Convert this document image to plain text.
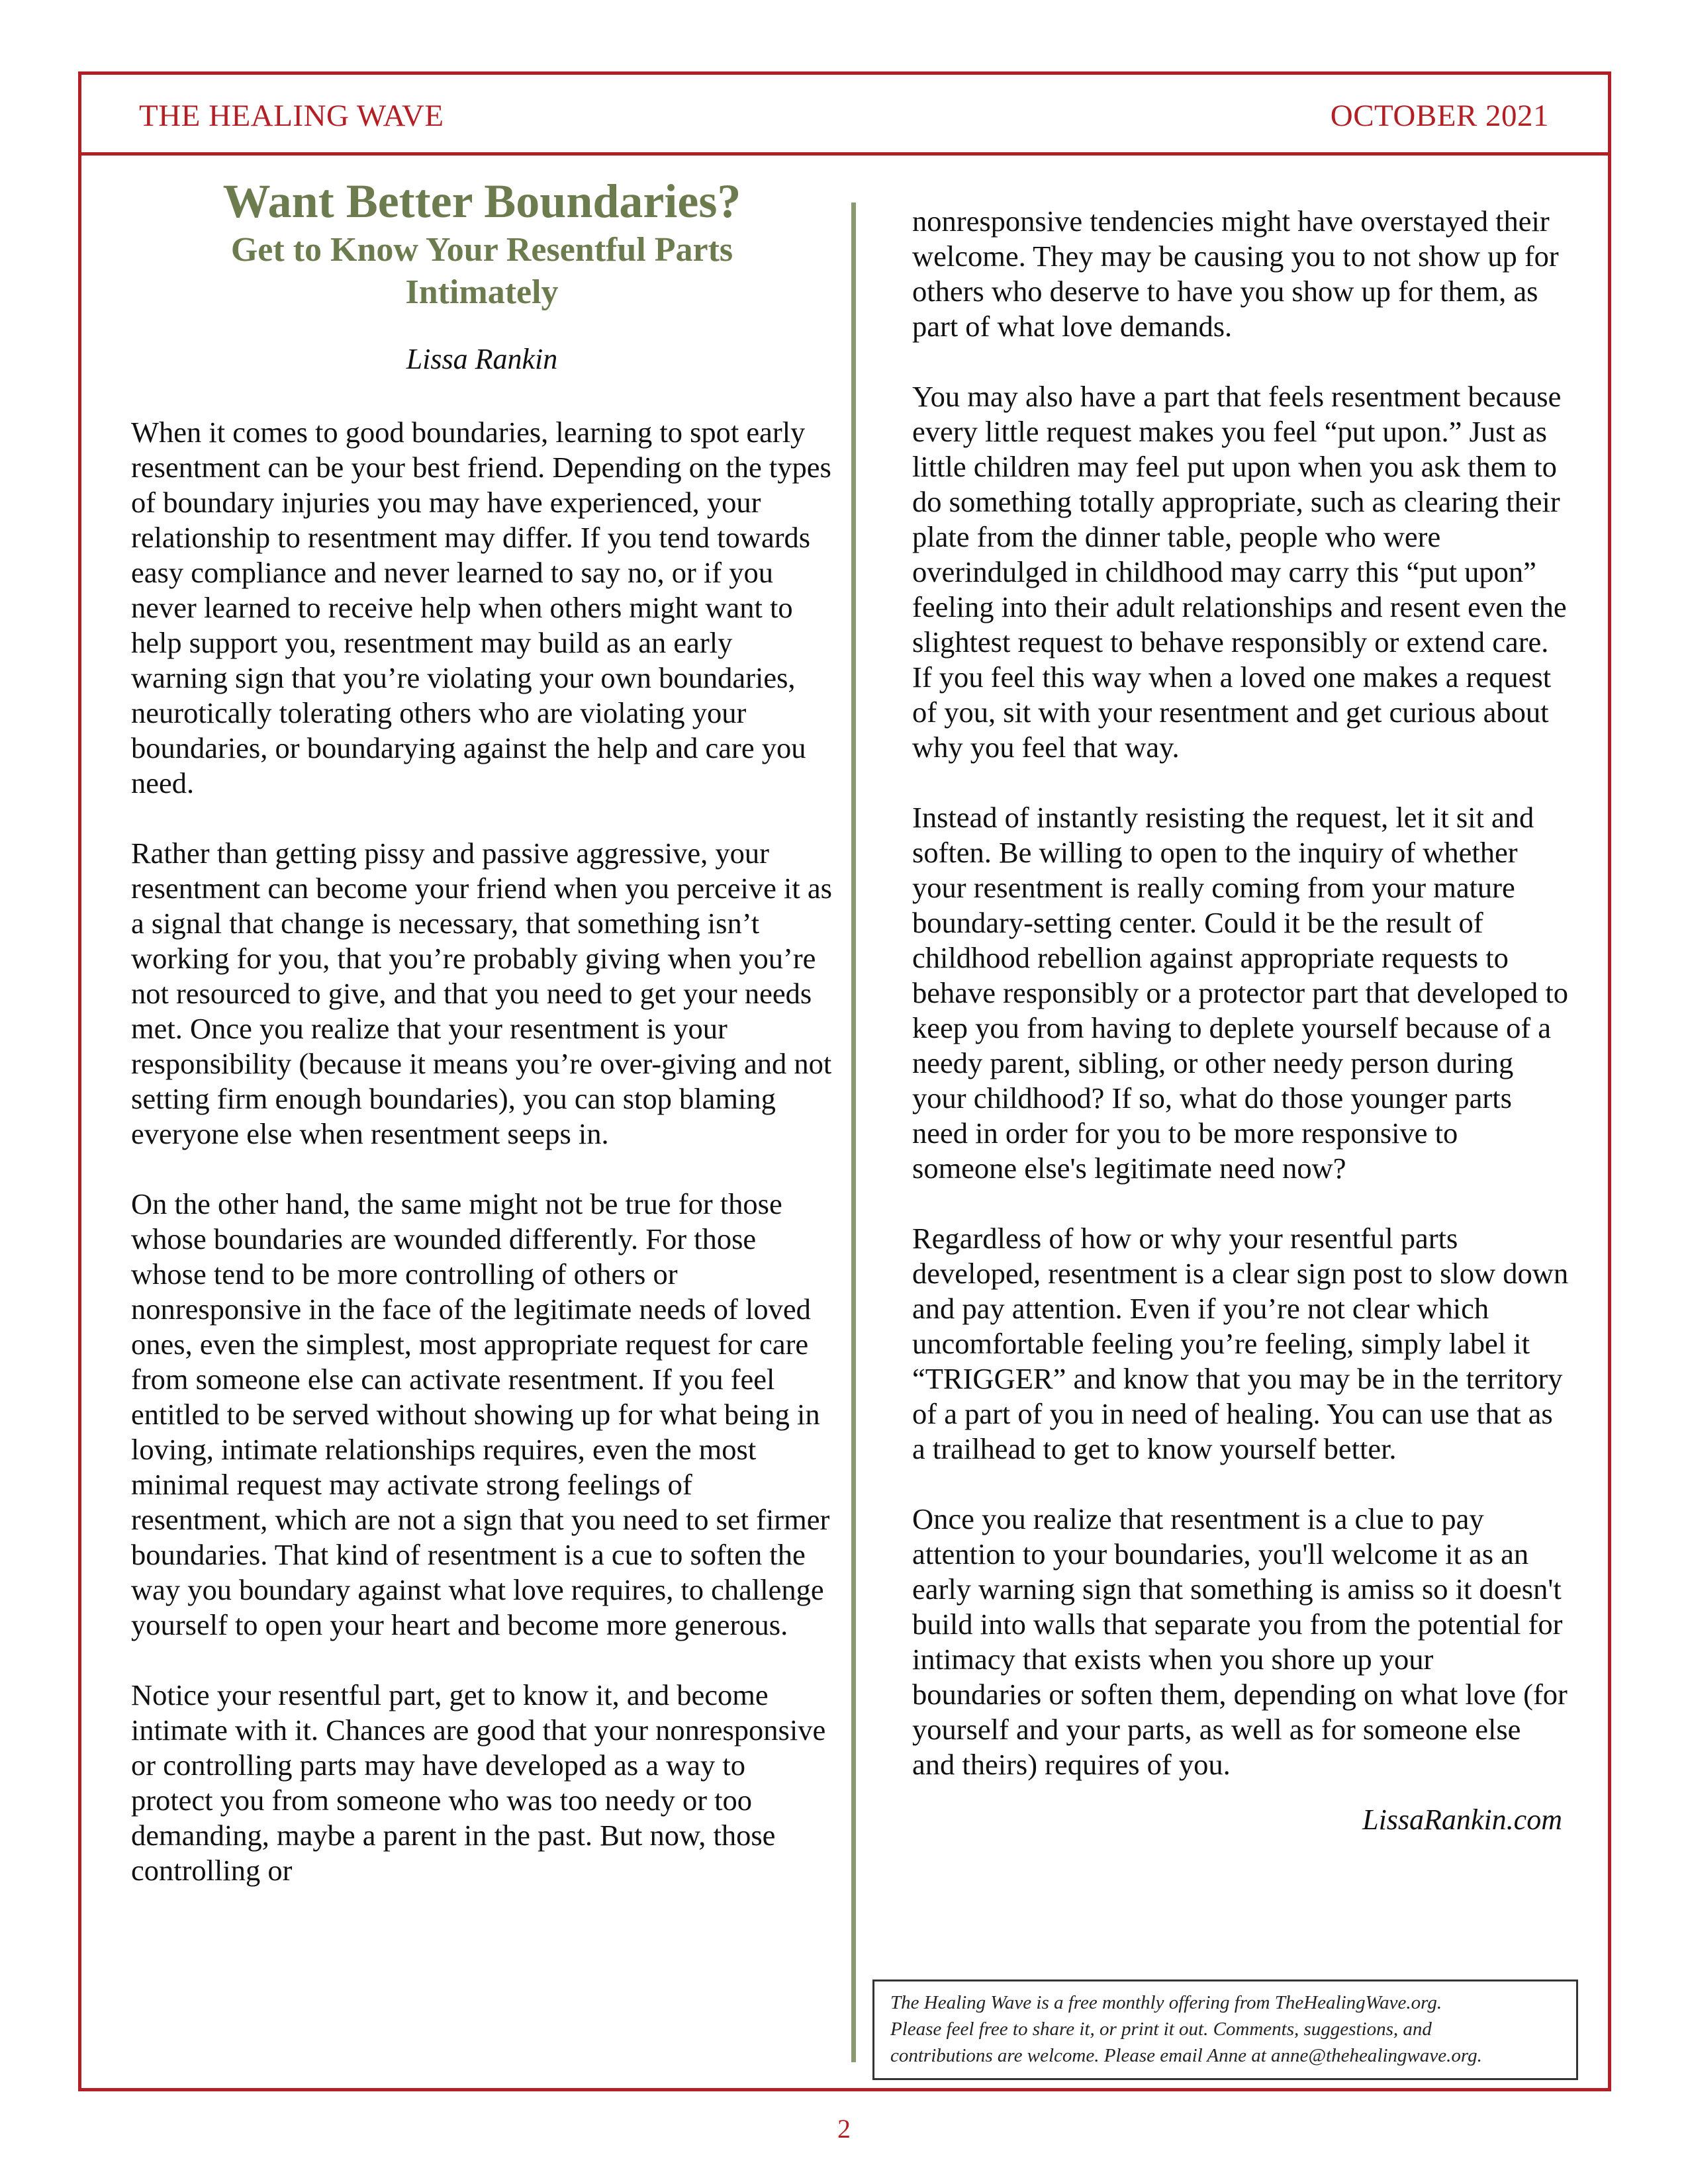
THE HEALING WAVE	OCTOBER 2021
Want Better Boundaries?
Get to Know Your Resentful Parts
Intimately
Lissa Rankin

When it comes to good boundaries, learning to spot early resentment can be your best friend. Depending on the types of boundary injuries you may have experienced, your relationship to resentment may differ. If you tend towards easy compliance and never learned to say no, or if you never learned to receive help when others might want to help support you, resentment may build as an early warning sign that you’re violating your own boundaries, neurotically tolerating others who are violating your boundaries, or boundarying against the help and care you need.

Rather than getting pissy and passive aggressive, your resentment can become your friend when you perceive it as a signal that change is necessary, that something isn’t working for you, that you’re probably giving when you’re not resourced to give, and that you need to get your needs met. Once you realize that your resentment is your responsibility (because it means you’re over-giving and not setting firm enough boundaries), you can stop blaming everyone else when resentment seeps in.

On the other hand, the same might not be true for those whose boundaries are wounded differently. For those whose tend to be more controlling of others or nonresponsive in the face of the legitimate needs of loved ones, even the simplest, most appropriate request for care from someone else can activate resentment. If you feel entitled to be served without showing up for what being in loving, intimate relationships requires, even the most minimal request may activate strong feelings of resentment, which are not a sign that you need to set firmer boundaries. That kind of resentment is a cue to soften the way you boundary against what love requires, to challenge yourself to open your heart and become more generous.

Notice your resentful part, get to know it, and become intimate with it. Chances are good that your nonresponsive or controlling parts may have developed as a way to protect you from someone who was too needy or too demanding, maybe a parent in the past. But now, those controlling or

nonresponsive tendencies might have overstayed their welcome. They may be causing you to not show up for others who deserve to have you show up for them, as part of what love demands.

You may also have a part that feels resentment because every little request makes you feel “put upon.” Just as little children may feel put upon when you ask them to do something totally appropriate, such as clearing their plate from the dinner table, people who were overindulged in childhood may carry this “put upon” feeling into their adult relationships and resent even the slightest request to behave responsibly or extend care. If you feel this way when a loved one makes a request of you, sit with your resentment and get curious about why you feel that way.

Instead of instantly resisting the request, let it sit and soften. Be willing to open to the inquiry of whether your resentment is really coming from your mature boundary-setting center. Could it be the result of childhood rebellion against appropriate requests to behave responsibly or a protector part that developed to keep you from having to deplete yourself because of a needy parent, sibling, or other needy person during your childhood? If so, what do those younger parts need in order for you to be more responsive to someone else's legitimate need now?

Regardless of how or why your resentful parts developed, resentment is a clear sign post to slow down and pay attention. Even if you’re not clear which uncomfortable feeling you’re feeling, simply label it “TRIGGER” and know that you may be in the territory of a part of you in need of healing. You can use that as a trailhead to get to know yourself better.

Once you realize that resentment is a clue to pay attention to your boundaries, you'll welcome it as an early warning sign that something is amiss so it doesn't build into walls that separate you from the potential for intimacy that exists when you shore up your boundaries or soften them, depending on what love (for yourself and your parts, as well as for someone else and theirs) requires of you.

LissaRankin.com
The Healing Wave is a free monthly offering from TheHealingWave.org.
Please feel free to share it, or print it out. Comments, suggestions, and
contributions are welcome. Please email Anne at anne@thehealingwave.org.
2
